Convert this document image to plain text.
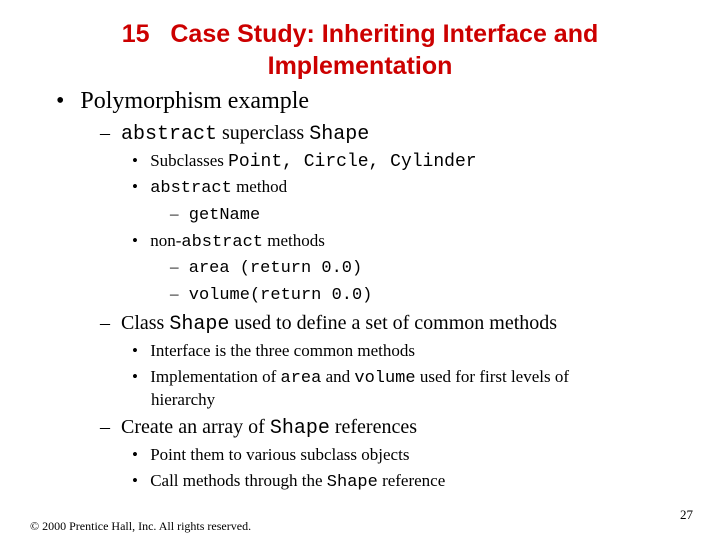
15   Case Study: Inheriting Interface and
Implementation
• Polymorphism example
– abstract superclass Shape
• Subclasses Point, Circle, Cylinder
• abstract method
– getName
• non-abstract methods
– area (return 0.0)
– volume(return 0.0)
– Class Shape used to define a set of common methods
• Interface is the three common methods
• Implementation of area and volume used for first levels of
hierarchy
– Create an array of Shape references
• Point them to various subclass objects
• Call methods through the Shape reference
© 2000 Prentice Hall, Inc. All rights reserved.
27
